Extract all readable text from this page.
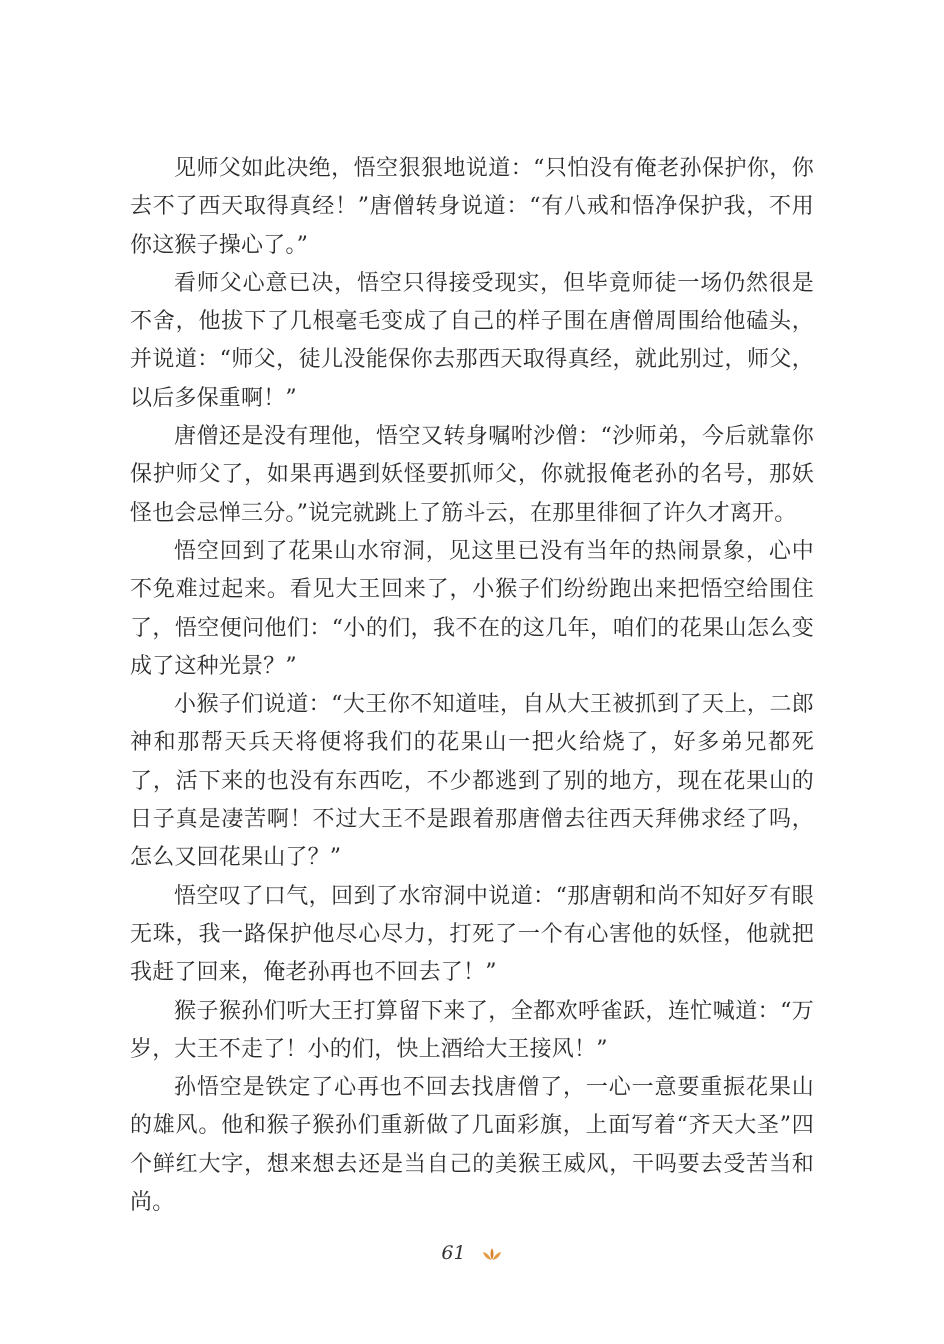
见师父如此决绝，悟空狠狠地说道：“只怕没有俺老孙保护你，你去不了西天取得真经！”唐僧转身说道：“有八戒和悟净保护我，不用你这猴子操心了。”

看师父心意已决，悟空只得接受现实，但毕竟师徒一场仍然很是不舍，他拔下了几根毫毛变成了自己的样子围在唐僧周围给他磕头，并说道：“师父，徒儿没能保你去那西天取得真经，就此别过，师父，以后多保重啊！”

唐僧还是没有理他，悟空又转身嘱咐沙僧：“沙师弟，今后就靠你保护师父了，如果再遇到妖怪要抓师父，你就报俺老孙的名号，那妖怪也会忌惮三分。”说完就跳上了筋斗云，在那里徘徊了许久才离开。

悟空回到了花果山水帘洞，见这里已没有当年的热闹景象，心中不免难过起来。看见大王回来了，小猴子们纷纷跑出来把悟空给围住了，悟空便问他们：“小的们，我不在的这几年，咱们的花果山怎么变成了这种光景？”

小猴子们说道：“大王你不知道哇，自从大王被抓到了天上，二郎神和那帮天兵天将便将我们的花果山一把火给烧了，好多弟兄都死了，活下来的也没有东西吃，不少都逃到了别的地方，现在花果山的日子真是凄苦啊！不过大王不是跟着那唐僧去往西天拜佛求经了吗，怎么又回花果山了？”

悟空叹了口气，回到了水帘洞中说道：“那唐朝和尚不知好歹有眼无珠，我一路保护他尽心尽力，打死了一个有心害他的妖怪，他就把我赶了回来，俺老孙再也不回去了！”

猴子猴孙们听大王打算留下来了，全都欢呼雀跃，连忙喊道：“万岁，大王不走了！小的们，快上酒给大王接风！”

孙悟空是铁定了心再也不回去找唐僧了，一心一意要重振花果山的雄风。他和猴子猴孙们重新做了几面彩旗，上面写着“齐天大圣”四个鲜红大字，想来想去还是当自己的美猴王威风，干吗要去受苦当和尚。

61
